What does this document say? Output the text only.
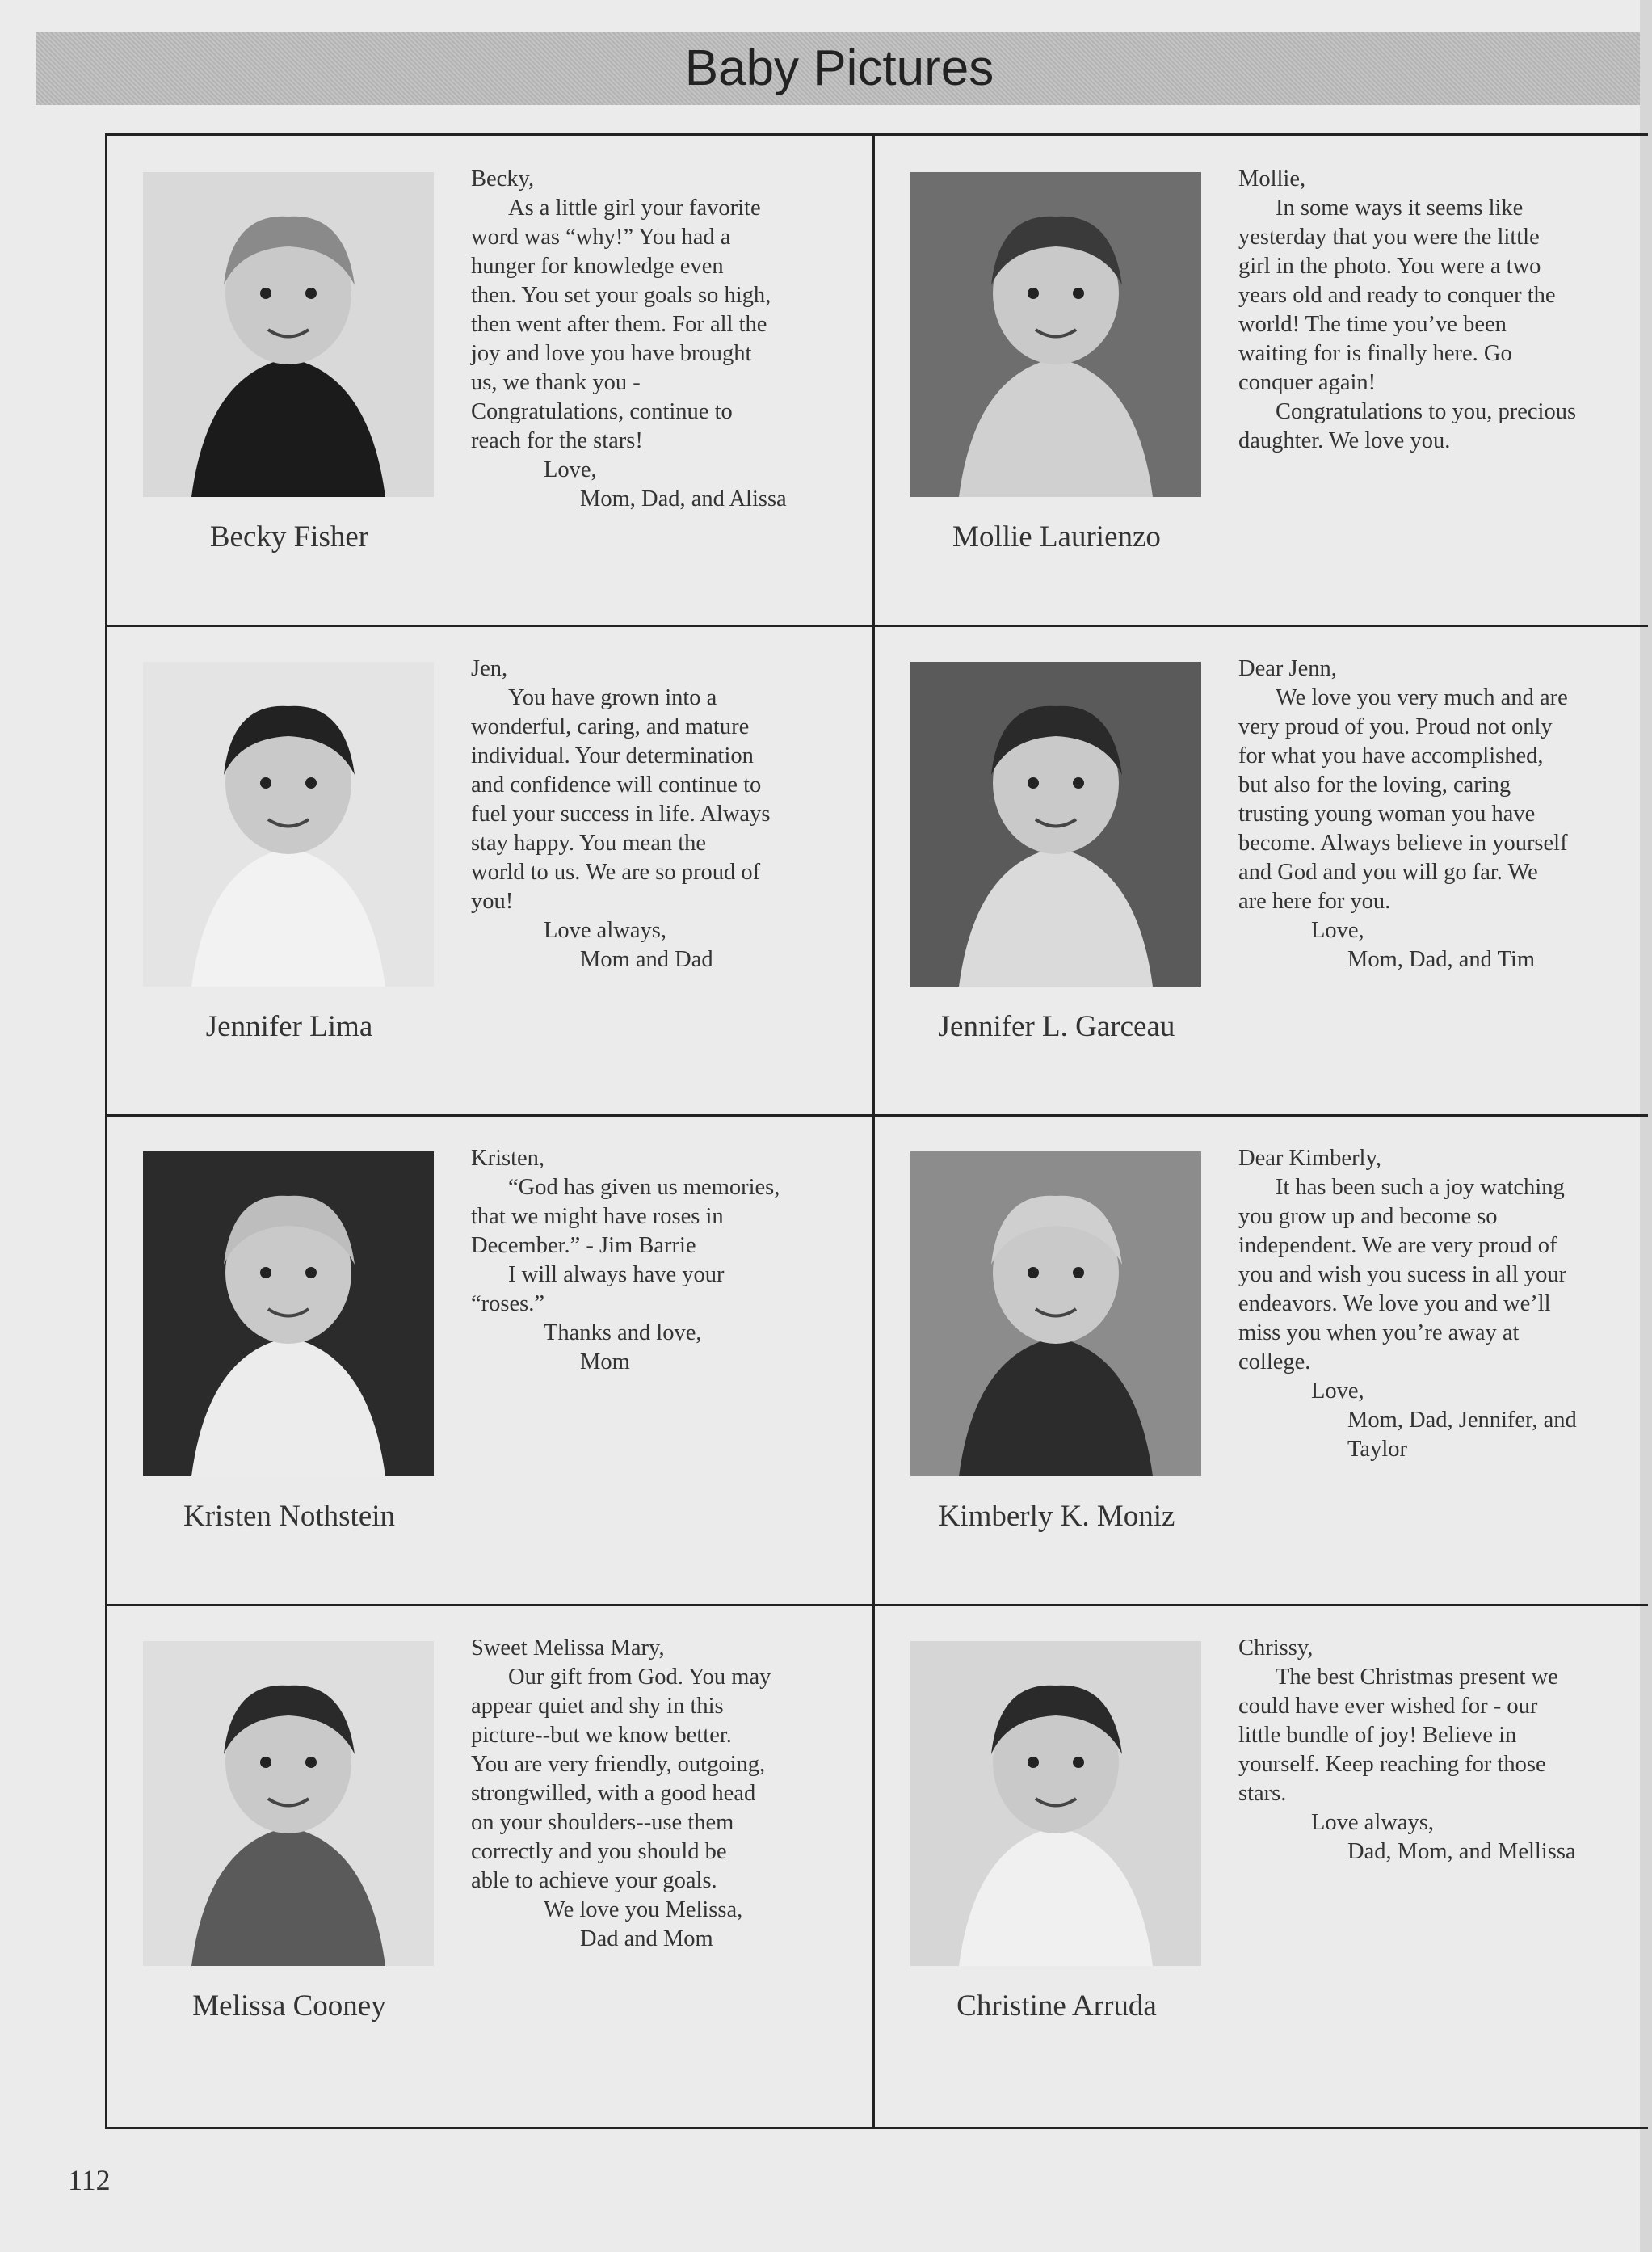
Baby Pictures
Becky Fisher
Becky,
As a little girl your favorite
word was “why!” You had a
hunger for knowledge even
then. You set your goals so high,
then went after them. For all the
joy and love you have brought
us, we thank you -
Congratulations, continue to
reach for the stars!
Love,
Mom, Dad, and Alissa
Mollie Laurienzo
Mollie,
In some ways it seems like
yesterday that you were the little
girl in the photo. You were a two
years old and ready to conquer the
world! The time you’ve been
waiting for is finally here. Go
conquer again!
Congratulations to you, precious
daughter. We love you.
Jennifer Lima
Jen,
You have grown into a
wonderful, caring, and mature
individual. Your determination
and confidence will continue to
fuel your success in life. Always
stay happy. You mean the
world to us. We are so proud of
you!
Love always,
Mom and Dad
Jennifer L. Garceau
Dear Jenn,
We love you very much and are
very proud of you. Proud not only
for what you have accomplished,
but also for the loving, caring
trusting young woman you have
become. Always believe in yourself
and God and you will go far. We
are here for you.
Love,
Mom, Dad, and Tim
Kristen Nothstein
Kristen,
“God has given us memories,
that we might have roses in
December.” - Jim Barrie
I will always have your
“roses.”
Thanks and love,
Mom
Kimberly K. Moniz
Dear Kimberly,
It has been such a joy watching
you grow up and become so
independent. We are very proud of
you and wish you sucess in all your
endeavors. We love you and we’ll
miss you when you’re away at
college.
Love,
Mom, Dad, Jennifer, and
Taylor
Melissa Cooney
Sweet Melissa Mary,
Our gift from God. You may
appear quiet and shy in this
picture--but we know better.
You are very friendly, outgoing,
strongwilled, with a good head
on your shoulders--use them
correctly and you should be
able to achieve your goals.
We love you Melissa,
Dad and Mom
Christine Arruda
Chrissy,
The best Christmas present we
could have ever wished for - our
little bundle of joy! Believe in
yourself. Keep reaching for those
stars.
Love always,
Dad, Mom, and Mellissa
112
